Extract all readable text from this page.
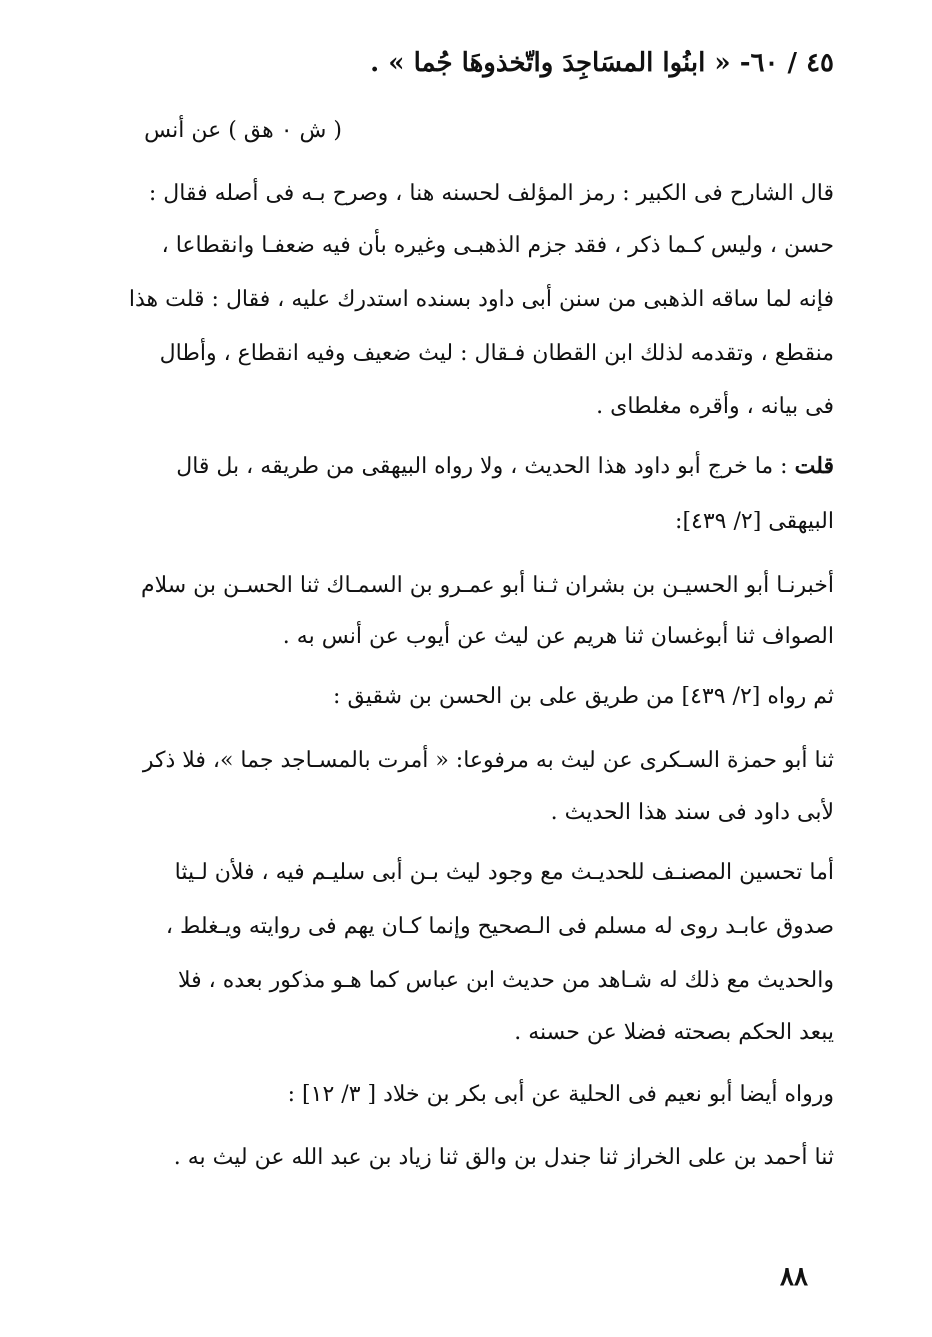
٤٥ / ٦٠- « ابنُوا المسَاجِدَ واتّخذوهَا جُما » .
( ش ٠ هق ) عن أنس
قال الشارح فى الكبير : رمز المؤلف لحسنه هنا ، وصرح بـه فى أصله فقال :
حسن ، وليس كـما ذكر ، فقد جزم الذهبـى وغيره بأن فيه ضعفـا وانقطاعا ،
فإنه لما ساقه الذهبى من سنن أبى داود بسنده استدرك عليه ، فقال : قلت هذا
منقطع ، وتقدمه لذلك ابن القطان فـقال : ليث ضعيف وفيه انقطاع ، وأطال
فى بيانه ، وأقره مغلطاى .
قلت : ما خرج أبو داود هذا الحديث ، ولا رواه البيهقى من طريقه ، بل قال
البيهقى [٢/ ٤٣٩]:
أخبرنـا أبو الحسيـن بن بشران ثـنا أبو عمـرو بن السمـاك ثنا الحسـن بن سلام
الصواف ثنا أبوغسان ثنا هريم عن ليث عن أيوب عن أنس به .
ثم رواه [٢/ ٤٣٩] من طريق على بن الحسن بن شقيق :
ثنا أبو حمزة السـكرى عن ليث به مرفوعا: « أمرت بالمسـاجد جما »، فلا ذكر
لأبى داود فى سند هذا الحديث .
أما تحسين المصنـف للحديـث مع وجود ليث بـن أبى سليـم فيه ، فلأن لـيثا
صدوق عابـد روى له مسلم فى الـصحيح وإنما كـان يهم فى روايته ويـغلط ،
والحديث مع ذلك له شـاهد من حديث ابن عباس كما هـو مذكور بعده ، فلا
يبعد الحكم بصحته فضلا عن حسنه .
ورواه أيضا أبو نعيم فى الحلية عن أبى بكر بن خلاد [ ٣/ ١٢] :
ثنا أحمد بن على الخراز ثنا جندل بن والق ثنا زياد بن عبد الله عن ليث به .
٨٨
